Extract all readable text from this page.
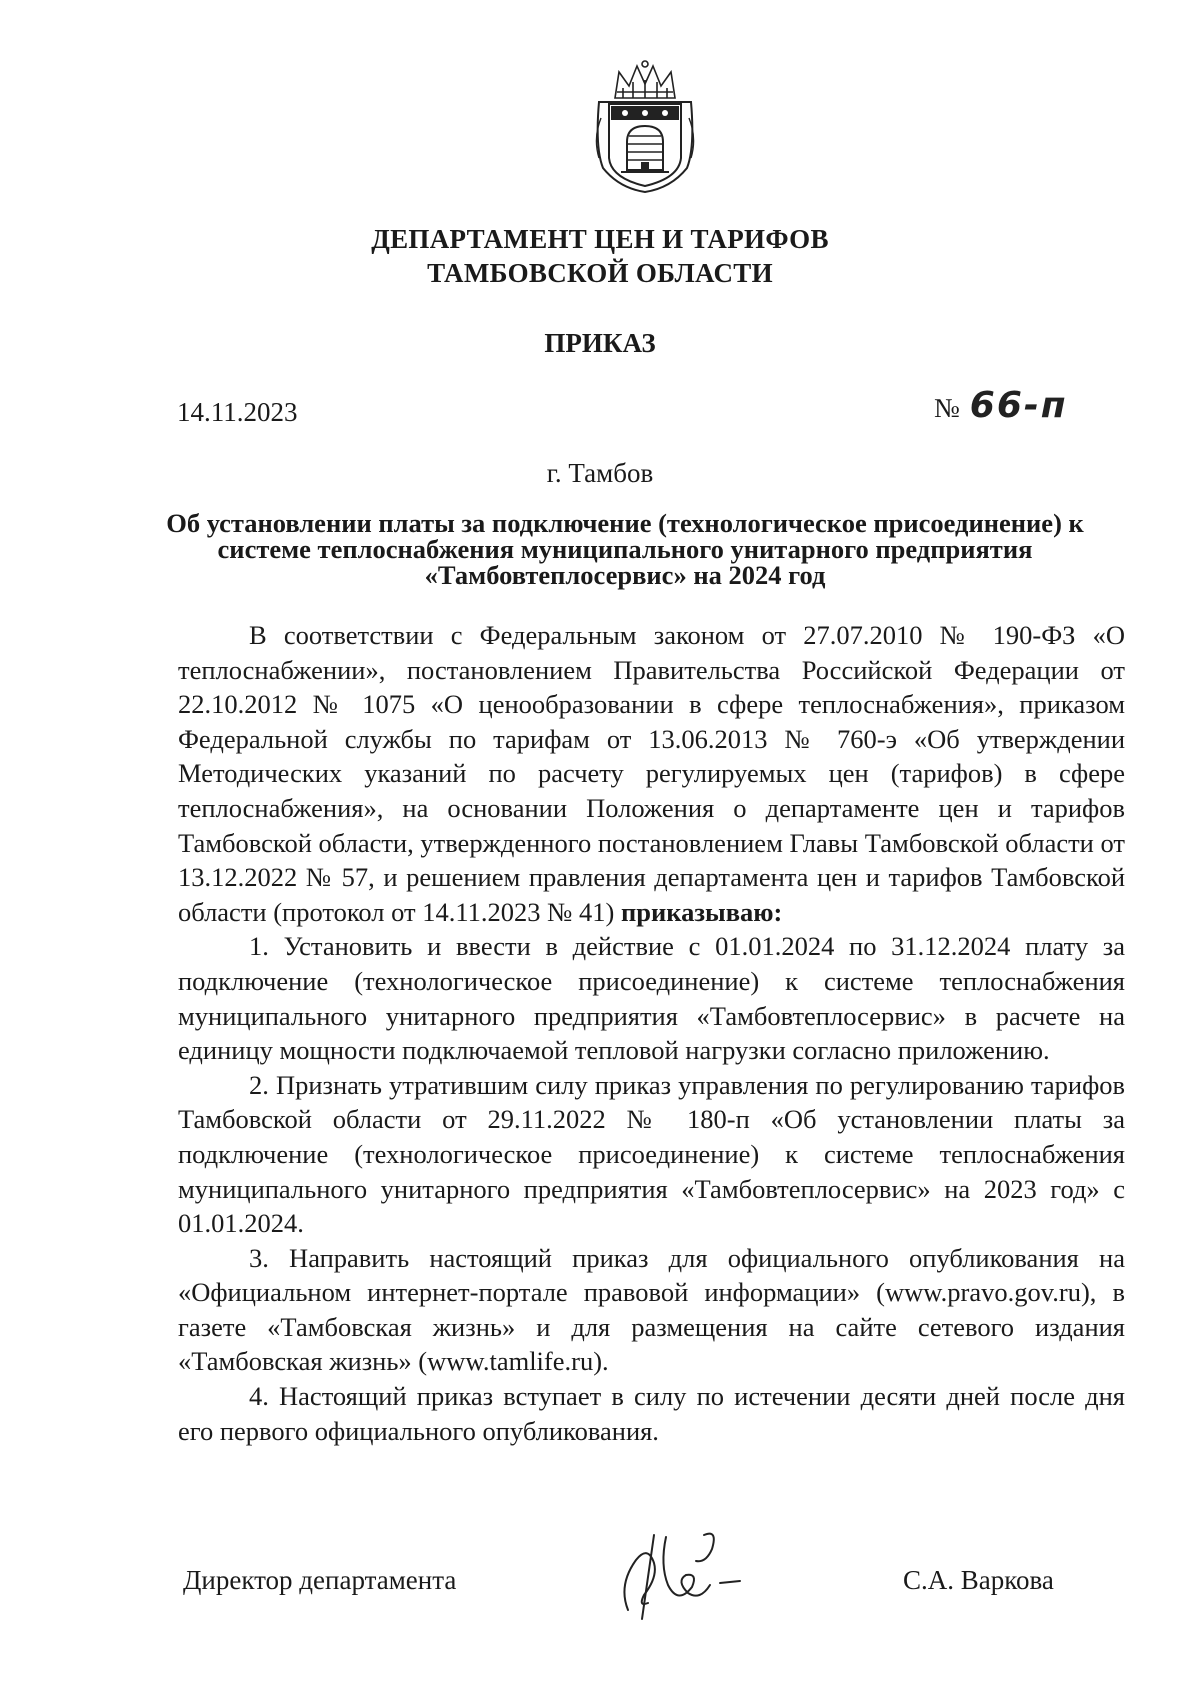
ДЕПАРТАМЕНТ ЦЕН И ТАРИФОВ
ТАМБОВСКОЙ ОБЛАСТИ
ПРИКАЗ
14.11.2023	№ 66-п
г. Тамбов
Об установлении платы за подключение (технологическое присоединение) к системе теплоснабжения муниципального унитарного предприятия «Тамбовтеплосервис» на 2024 год

В соответствии с Федеральным законом от 27.07.2010 № 190-ФЗ «О теплоснабжении», постановлением Правительства Российской Федерации от 22.10.2012 № 1075 «О ценообразовании в сфере теплоснабжения», приказом Федеральной службы по тарифам от 13.06.2013 № 760-э «Об утверждении Методических указаний по расчету регулируемых цен (тарифов) в сфере теплоснабжения», на основании Положения о департаменте цен и тарифов Тамбовской области, утвержденного постановлением Главы Тамбовской области от 13.12.2022 № 57, и решением правления департамента цен и тарифов Тамбовской области (протокол от 14.11.2023 № 41) приказываю:

1. Установить и ввести в действие с 01.01.2024 по 31.12.2024 плату за подключение (технологическое присоединение) к системе теплоснабжения муниципального унитарного предприятия «Тамбовтеплосервис» в расчете на единицу мощности подключаемой тепловой нагрузки согласно приложению.

2. Признать утратившим силу приказ управления по регулированию тарифов Тамбовской области от 29.11.2022 № 180-п «Об установлении платы за подключение (технологическое присоединение) к системе теплоснабжения муниципального унитарного предприятия «Тамбовтеплосервис» на 2023 год» с 01.01.2024.

3. Направить настоящий приказ для официального опубликования на «Официальном интернет-портале правовой информации» (www.pravo.gov.ru), в газете «Тамбовская жизнь» и для размещения на сайте сетевого издания «Тамбовская жизнь» (www.tamlife.ru).

4. Настоящий приказ вступает в силу по истечении десяти дней после дня его первого официального опубликования.

Директор департамента	С.А. Варкова
